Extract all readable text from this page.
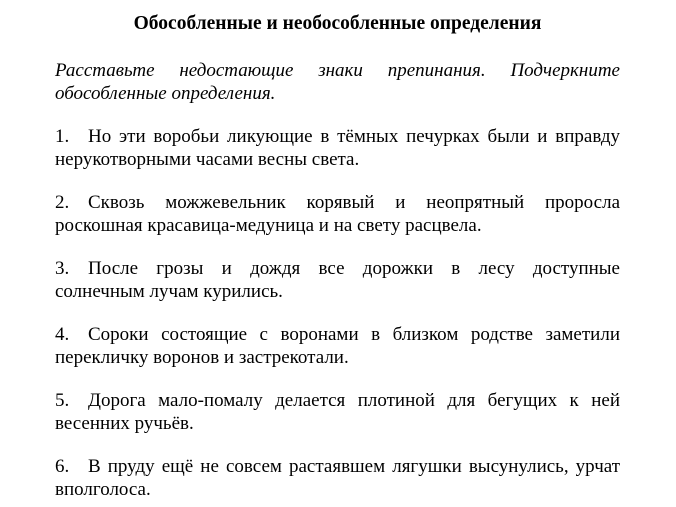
Обособленные и необособленные определения
Расставьте недостающие знаки препинания. Подчеркните
обособленные определения.
1. Но эти воробьи ликующие в тёмных печурках были и вправду
нерукотворными часами весны света.
2. Сквозь можжевельник корявый и неопрятный проросла
роскошная красавица-медуница и на свету расцвела.
3. После грозы и дождя все дорожки в лесу доступные
солнечным лучам курились.
4. Сороки состоящие с воронами в близком родстве заметили
перекличку воронов и застрекотали.
5. Дорога мало-помалу делается плотиной для бегущих к ней
весенних ручьёв.
6. В пруду ещё не совсем растаявшем лягушки высунулись, урчат
вполголоса.
